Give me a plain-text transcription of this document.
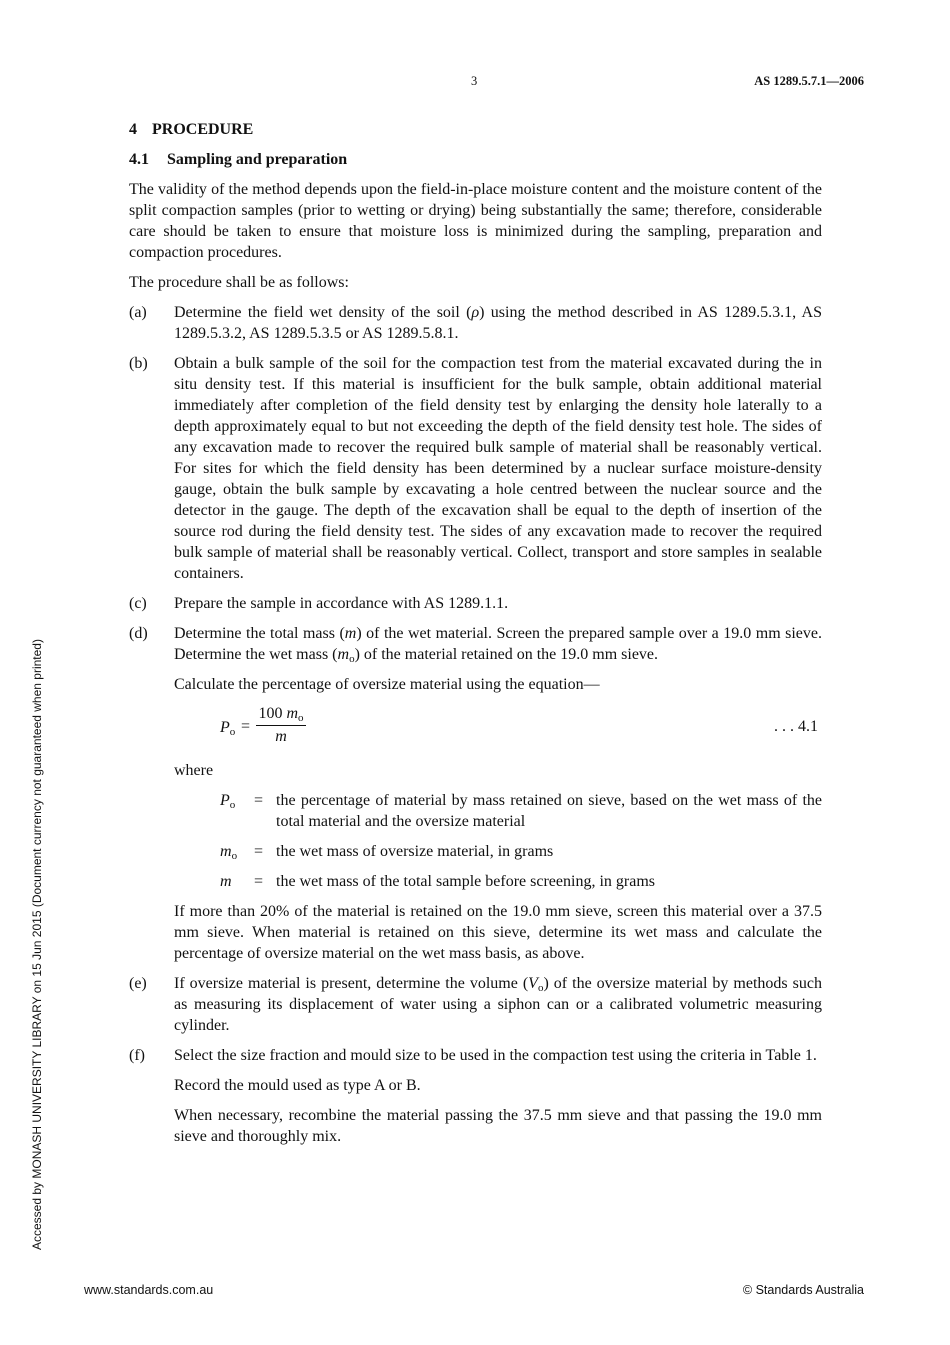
3	AS 1289.5.7.1—2006
Accessed by MONASH UNIVERSITY LIBRARY on 15 Jun 2015 (Document currency not guaranteed when printed)
4 PROCEDURE
4.1 Sampling and preparation

The validity of the method depends upon the field-in-place moisture content and the moisture content of the split compaction samples (prior to wetting or drying) being substantially the same; therefore, considerable care should be taken to ensure that moisture loss is minimized during the sampling, preparation and compaction procedures.

The procedure shall be as follows:

(a) Determine the field wet density of the soil (ρ) using the method described in AS 1289.5.3.1, AS 1289.5.3.2, AS 1289.5.3.5 or AS 1289.5.8.1.
(b) Obtain a bulk sample of the soil for the compaction test from the material excavated during the in situ density test. If this material is insufficient for the bulk sample, obtain additional material immediately after completion of the field density test by enlarging the density hole laterally to a depth approximately equal to but not exceeding the depth of the field density test hole. The sides of any excavation made to recover the required bulk sample of material shall be reasonably vertical. For sites for which the field density has been determined by a nuclear surface moisture-density gauge, obtain the bulk sample by excavating a hole centred between the nuclear source and the detector in the gauge. The depth of the excavation shall be equal to the depth of insertion of the source rod during the field density test. The sides of any excavation made to recover the required bulk sample of material shall be reasonably vertical. Collect, transport and store samples in sealable containers.
(c) Prepare the sample in accordance with AS 1289.1.1.
(d) Determine the total mass (m) of the wet material. Screen the prepared sample over a 19.0 mm sieve. Determine the wet mass $(m_o)$ of the material retained on the 19.0 mm sieve.

Calculate the percentage of oversize material using the equation—

$P_o = \frac{100 m_o}{m}$	. . . 4.1

where

$P_o$ = the percentage of material by mass retained on sieve, based on the wet mass of the total material and the oversize material
$m_o$ = the wet mass of oversize material, in grams
m = the wet mass of the total sample before screening, in grams

If more than 20% of the material is retained on the 19.0 mm sieve, screen this material over a 37.5 mm sieve. When material is retained on this sieve, determine its wet mass and calculate the percentage of oversize material on the wet mass basis, as above.

(e) If oversize material is present, determine the volume $(V_o)$ of the oversize material by methods such as measuring its displacement of water using a siphon can or a calibrated volumetric measuring cylinder.
(f) Select the size fraction and mould size to be used in the compaction test using the criteria in Table 1.

Record the mould used as type A or B.

When necessary, recombine the material passing the 37.5 mm sieve and that passing the 19.0 mm sieve and thoroughly mix.

www.standards.com.au	© Standards Australia
